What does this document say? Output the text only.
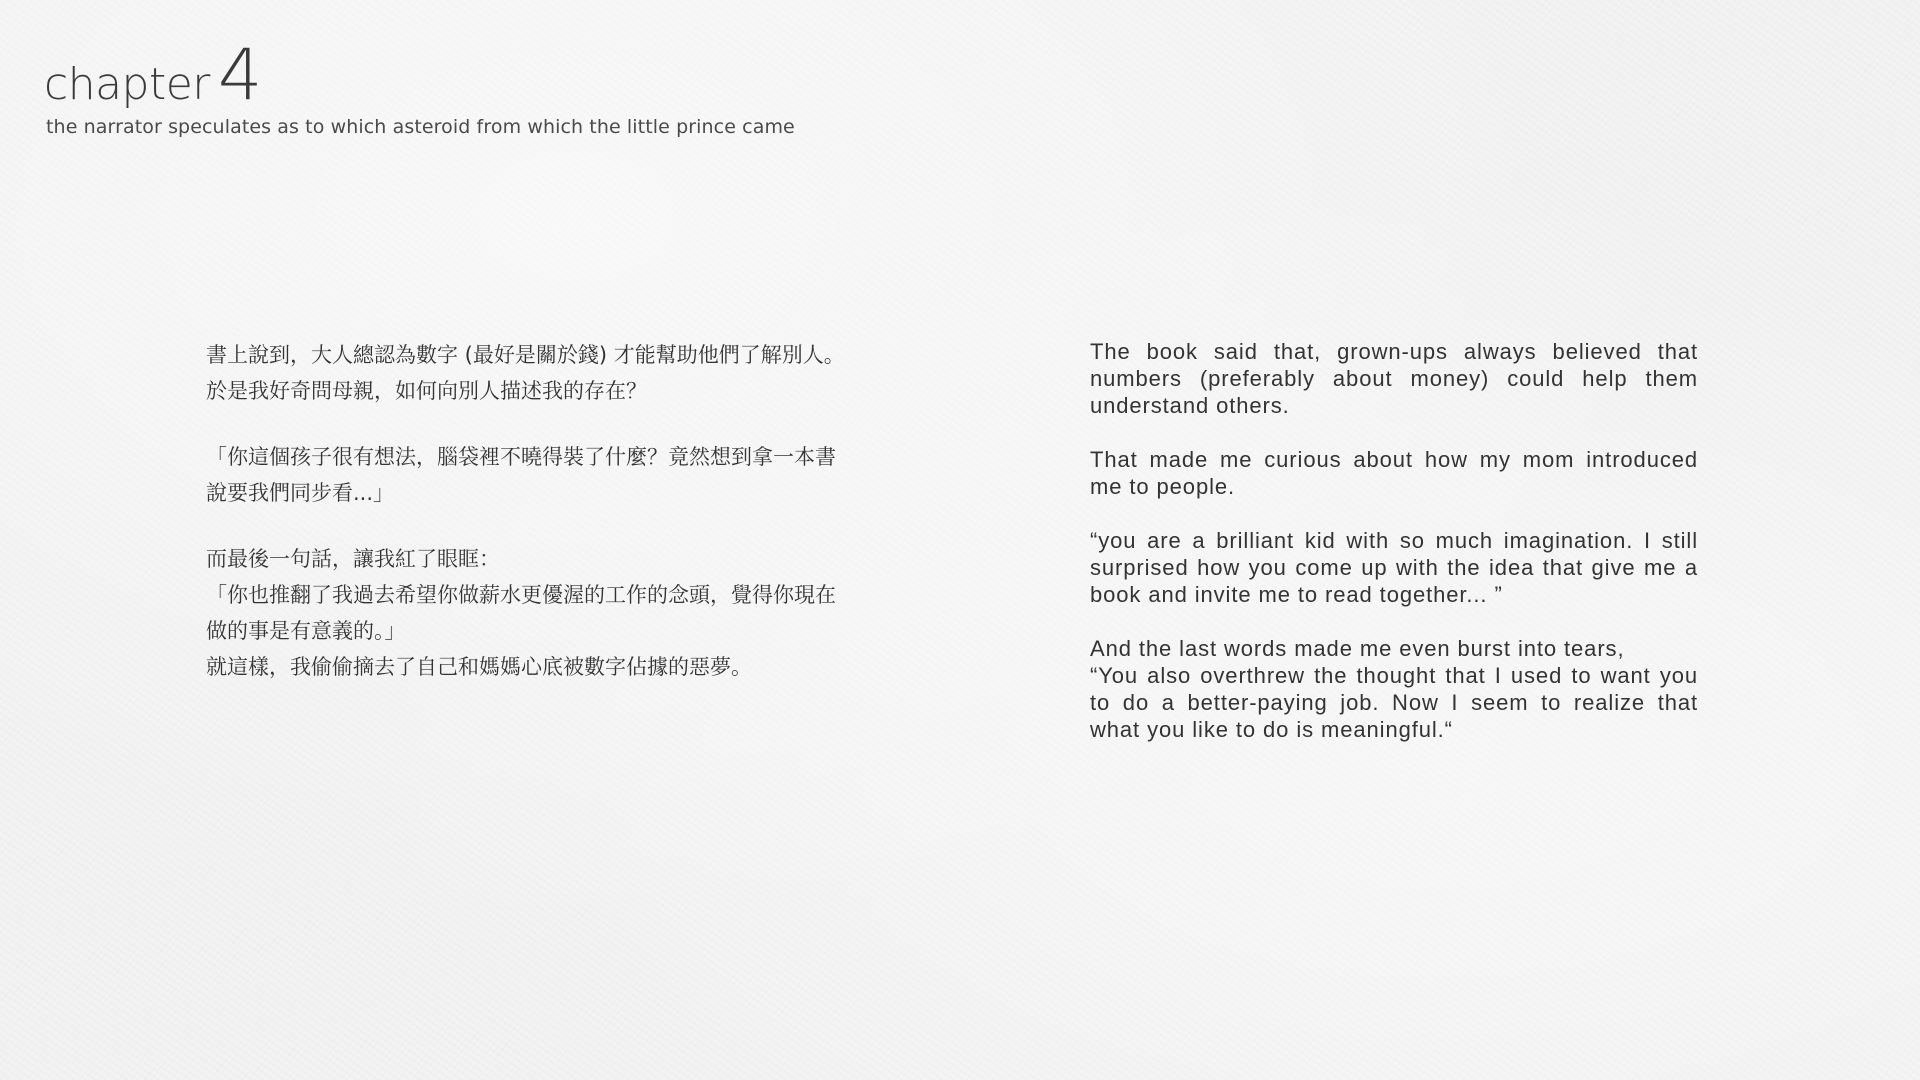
chapter 4
the narrator speculates as to which asteroid from which the little prince came

書上說到，大人總認為數字 (最好是關於錢) 才能幫助他們了解別人。
於是我好奇問母親，如何向別人描述我的存在？

「你這個孩子很有想法，腦袋裡不曉得裝了什麼？竟然想到拿一本書
說要我們同步看...」

而最後一句話，讓我紅了眼眶：
「你也推翻了我過去希望你做薪水更優渥的工作的念頭，覺得你現在
做的事是有意義的。」
就這樣，我偷偷摘去了自己和媽媽心底被數字佔據的惡夢。

The book said that, grown-ups always believed that numbers (preferably about money) could help them understand others.

That made me curious about how my mom introduced me to people.

“you are a brilliant kid with so much imagination. I still surprised how you come up with the idea that give me a book and invite me to read together... ”

And the last words made me even burst into tears,
“You also overthrew the thought that I used to want you to do a better-paying job. Now I seem to realize that what you like to do is meaningful.“
